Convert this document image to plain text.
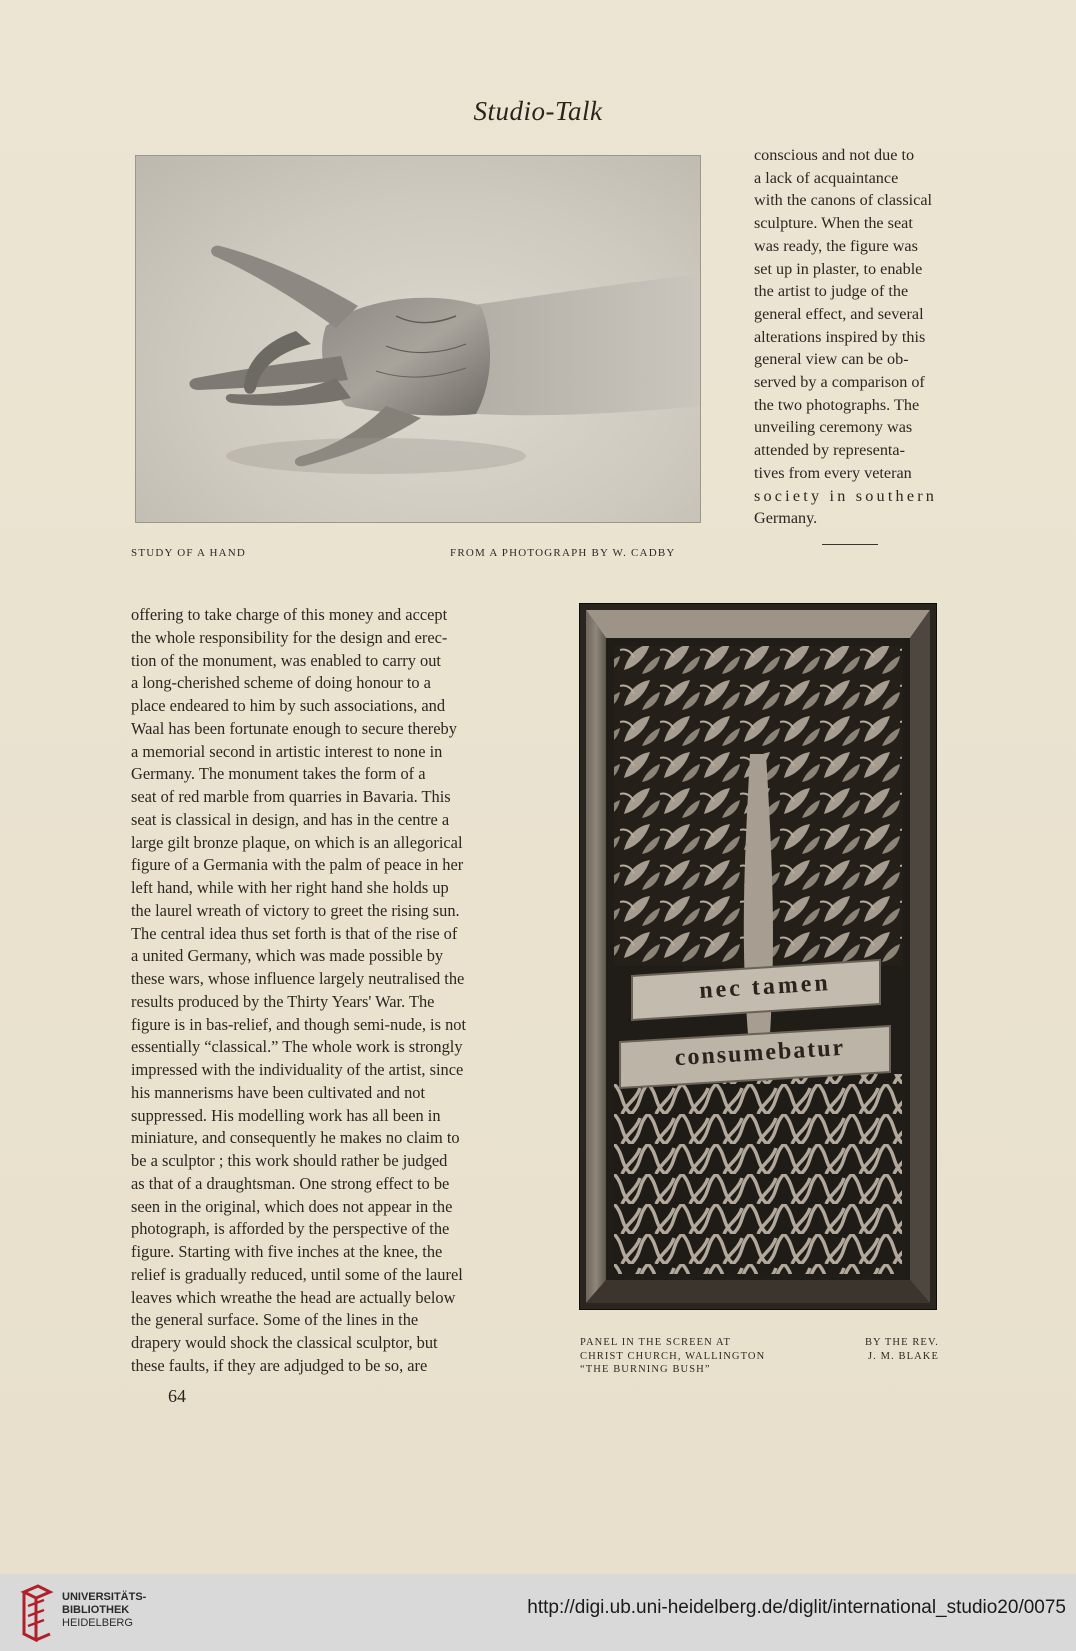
Studio-Talk
STUDY OF A HAND	FROM A PHOTOGRAPH BY W. CADBY

conscious and not due to

a lack of acquaintance

with the canons of classical

sculpture. When the seat

was ready, the figure was

set up in plaster, to enable

the artist to judge of the

general effect, and several

alterations inspired by this

general view can be ob-

served by a comparison of

the two photographs. The

unveiling ceremony was

attended by representa-

tives from every veteran

society in southern

Germany.

offering to take charge of this money and accept

the whole responsibility for the design and erec-

tion of the monument, was enabled to carry out

a long-cherished scheme of doing honour to a

place endeared to him by such associations, and

Waal has been fortunate enough to secure thereby

a memorial second in artistic interest to none in

Germany. The monument takes the form of a

seat of red marble from quarries in Bavaria. This

seat is classical in design, and has in the centre a

large gilt bronze plaque, on which is an allegorical

figure of a Germania with the palm of peace in her

left hand, while with her right hand she holds up

the laurel wreath of victory to greet the rising sun.

The central idea thus set forth is that of the rise of

a united Germany, which was made possible by

these wars, whose influence largely neutralised the

results produced by the Thirty Years' War. The

figure is in bas-relief, and though semi-nude, is not

essentially “classical.” The whole work is strongly

impressed with the individuality of the artist, since

his mannerisms have been cultivated and not

suppressed. His modelling work has all been in

miniature, and consequently he makes no claim to

be a sculptor ; this work should rather be judged

as that of a draughtsman. One strong effect to be

seen in the original, which does not appear in the

photograph, is afforded by the perspective of the

figure. Starting with five inches at the knee, the

relief is gradually reduced, until some of the laurel

leaves which wreathe the head are actually below

the general surface. Some of the lines in the

drapery would shock the classical sculptor, but

these faults, if they are adjudged to be so, are

64
nec tamen
consumebatur
PANEL IN THE SCREEN AT
CHRIST CHURCH, WALLINGTON
“THE BURNING BUSH”
BY THE REV.
J. M. BLAKE
UNIVERSITÄTS-
BIBLIOTHEK
HEIDELBERG
http://digi.ub.uni-heidelberg.de/diglit/international_studio20/0075
